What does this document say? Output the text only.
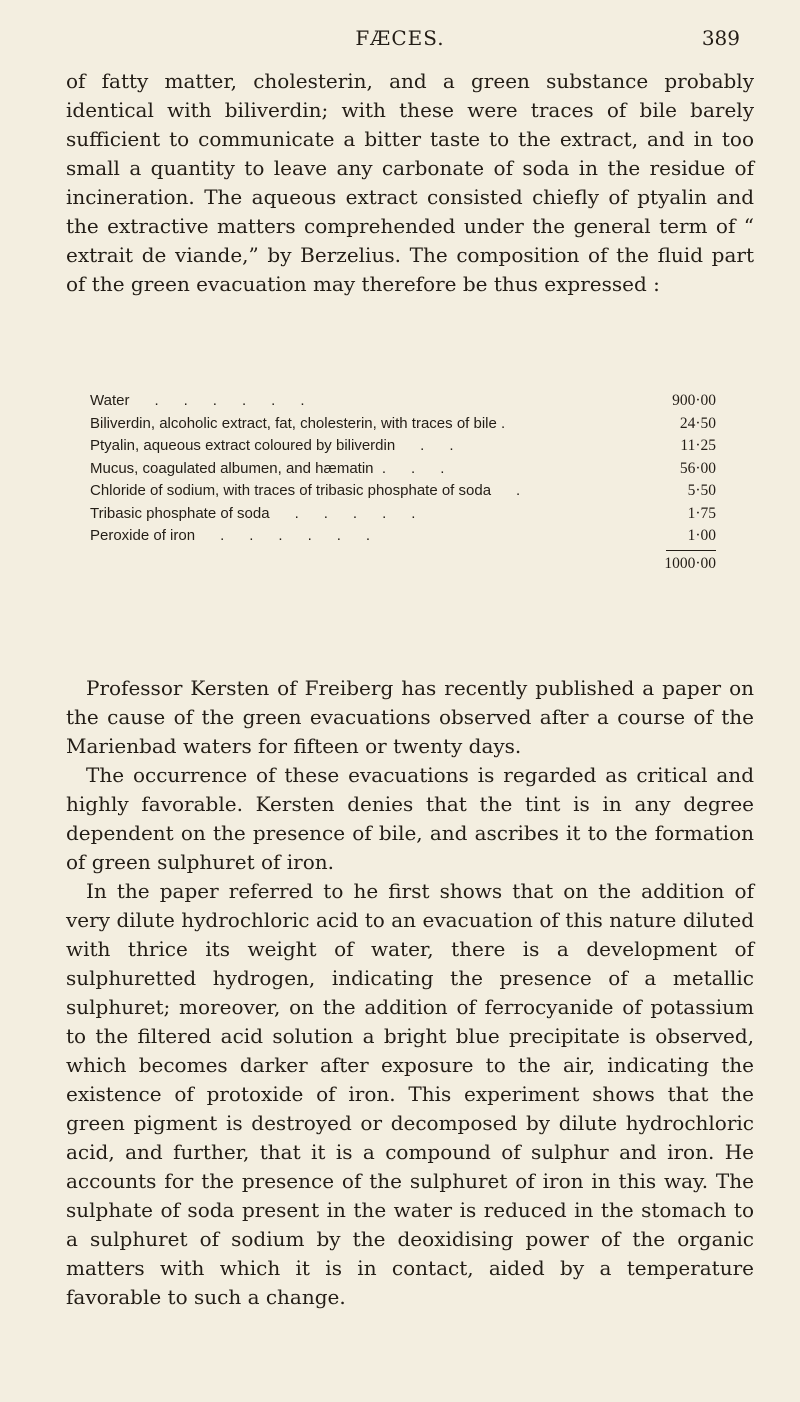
FÆCES.	389

of fatty matter, cholesterin, and a green substance probably identical with biliverdin; with these were traces of bile barely sufficient to communicate a bitter taste to the extract, and in too small a quantity to leave any carbonate of soda in the residue of incineration. The aqueous extract consisted chiefly of ptyalin and the extractive matters comprehended under the general term of “ extrait de viande,” by Berzelius. The composition of the fluid part of the green evacuation may therefore be thus expressed :

Water      .      .      .      .      .      .	900·00
Biliverdin, alcoholic extract, fat, cholesterin, with traces of bile .	24·50
Ptyalin, aqueous extract coloured by biliverdin      .      .	11·25
Mucus, coagulated albumen, and hæmatin  .      .      .	56·00
Chloride of sodium, with traces of tribasic phosphate of soda      .	5·50
Tribasic phosphate of soda      .      .      .      .      .	1·75
Peroxide of iron      .      .      .      .      .      .	1·00
1000·00

Professor Kersten of Freiberg has recently published a paper on the cause of the green evacuations observed after a course of the Marienbad waters for fifteen or twenty days.

The occurrence of these evacuations is regarded as critical and highly favorable. Kersten denies that the tint is in any degree dependent on the presence of bile, and ascribes it to the formation of green sulphuret of iron.

In the paper referred to he first shows that on the addition of very dilute hydrochloric acid to an evacuation of this nature diluted with thrice its weight of water, there is a development of sulphuretted hydrogen, indicating the presence of a metallic sulphuret; moreover, on the addition of ferrocyanide of potassium to the filtered acid solution a bright blue precipitate is observed, which becomes darker after exposure to the air, indicating the existence of protoxide of iron. This experiment shows that the green pigment is destroyed or decomposed by dilute hydrochloric acid, and further, that it is a compound of sulphur and iron. He accounts for the presence of the sulphuret of iron in this way. The sulphate of soda present in the water is reduced in the stomach to a sulphuret of sodium by the deoxidising power of the organic matters with which it is in contact, aided by a temperature favorable to such a change.
